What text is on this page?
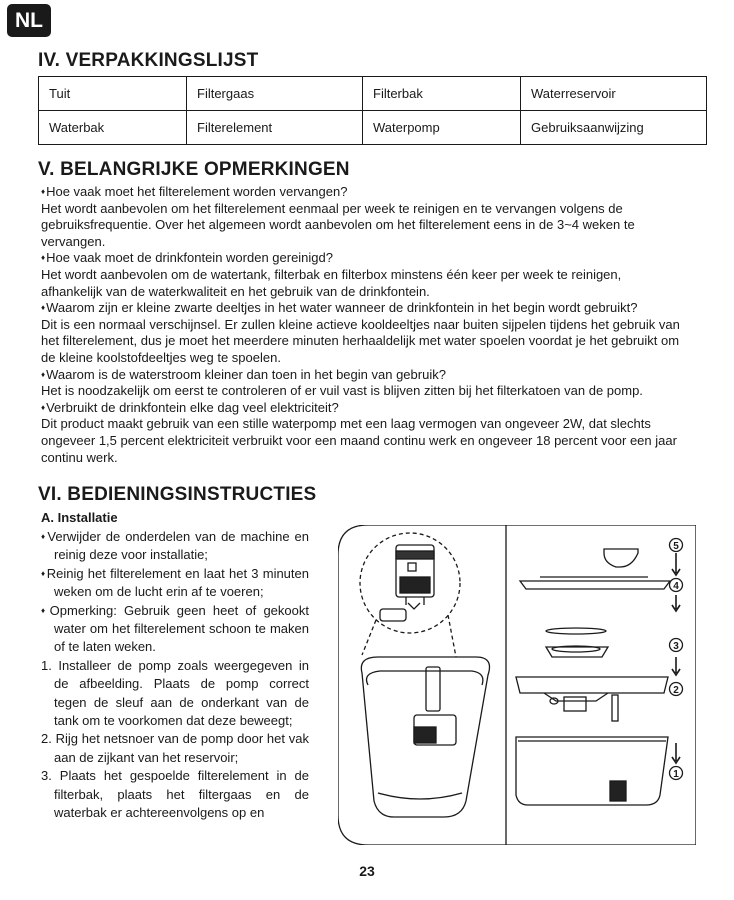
NL
IV. VERPAKKINGSLIJST
Tuit	Filtergaas	Filterbak	Waterreservoir
Waterbak	Filterelement	Waterpomp	Gebruiksaanwijzing
V. BELANGRIJKE OPMERKINGEN

♦ Hoe vaak moet het filterelement worden vervangen?

Het wordt aanbevolen om het filterelement eenmaal per week te reinigen en te vervangen volgens de gebruiksfrequentie. Over het algemeen wordt aanbevolen om het filterelement eens in de 3~4 weken te vervangen.

♦ Hoe vaak moet de drinkfontein worden gereinigd?

Het wordt aanbevolen om de watertank, filterbak en filterbox minstens één keer per week te reinigen, afhankelijk van de waterkwaliteit en het gebruik van de drinkfontein.

♦ Waarom zijn er kleine zwarte deeltjes in het water wanneer de drinkfontein in het begin wordt gebruikt?

Dit is een normaal verschijnsel. Er zullen kleine actieve kooldeeltjes naar buiten sijpelen tijdens het gebruik van het filterelement, dus je moet het meerdere minuten herhaaldelijk met water spoelen voordat je het gebruikt om de kleine koolstofdeeltjes weg te spoelen.

♦ Waarom is de waterstroom kleiner dan toen in het begin van gebruik?

Het is noodzakelijk om eerst te controleren of er vuil vast is blijven zitten bij het filterkatoen van de pomp.

♦ Verbruikt de drinkfontein elke dag veel elektriciteit?

Dit product maakt gebruik van een stille waterpomp met een laag vermogen van ongeveer 2W, dat slechts ongeveer 1,5 percent elektriciteit verbruikt voor een maand continu werk en ongeveer 18 percent voor een jaar continu werk.

VI. BEDIENINGSINSTRUCTIES
A. Installatie

♦ Verwijder de onderdelen van de machine en reinig deze voor installatie;

♦ Reinig het filterelement en laat het 3 minuten weken om de lucht erin af te voeren;

♦ Opmerking: Gebruik geen heet of gekookt water om het filterelement schoon te maken of te laten weken.

1. Installeer de pomp zoals weergegeven in de afbeelding. Plaats de pomp correct tegen de sleuf aan de onderkant van de tank om te voorkomen dat deze beweegt;

2. Rijg het netsnoer van de pomp door het vak aan de zijkant van het reservoir;

3. Plaats het gespoelde filterelement in de filterbak, plaats het filtergaas en de waterbak er achtereenvolgens op en

5
4
3
2
1
23
